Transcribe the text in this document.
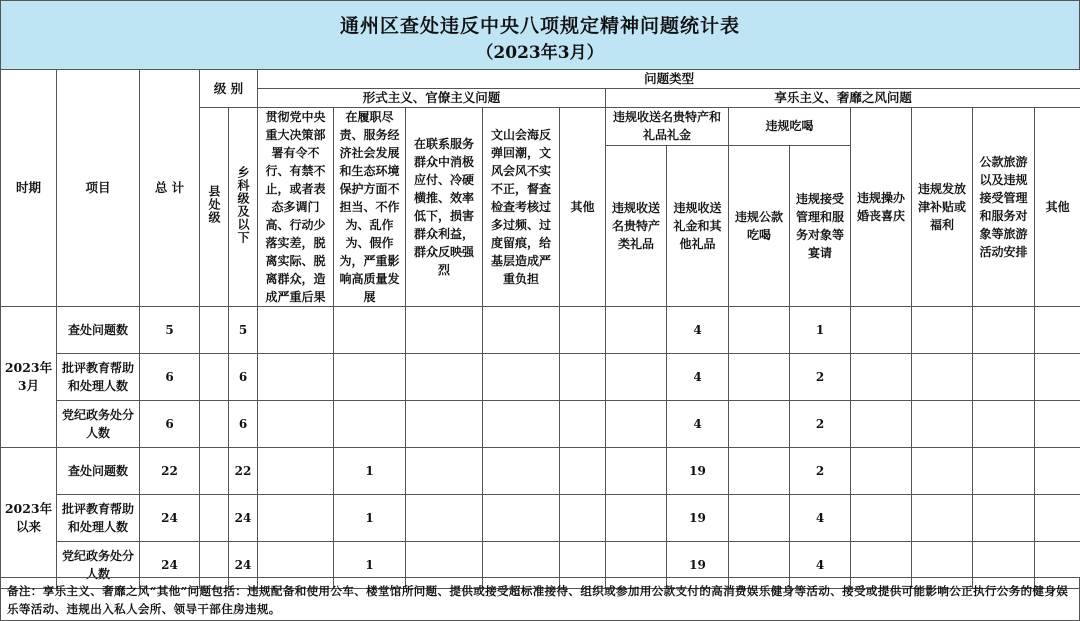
通州区查处违反中央八项规定精神问题统计表
（2023年3月）
时期	项目	总 计	级 别		问题类型												
					形式主义、官僚主义问题					享乐主义、奢靡之风问题							
			县处级	乡科级及以下	贯彻党中央重大决策部署有令不行、有禁不止，或者表态多调门高、行动少落实差，脱离实际、脱离群众，造成严重后果	在履职尽责、服务经济社会发展和生态环境保护方面不担当、不作为、乱作为、假作为，严重影响高质量发展	在联系服务群众中消极应付、冷硬横推、效率低下，损害群众利益，群众反映强烈	文山会海反弹回潮，文风会风不实不正，督查检查考核过多过频、过度留痕，给基层造成严重负担	其他	违规收送名贵特产和礼品礼金		违规吃喝		违规操办婚丧喜庆	违规发放津补贴或福利	公款旅游以及违规接受管理和服务对象等旅游活动安排	其他
										违规收送名贵特产类礼品	违规收送礼金和其他礼品	违规公款吃喝	违规接受管理和服务对象等宴请				
2023年3月	查处问题数	5		5							4		1				
	批评教育帮助和处理人数	6		6							4		2				
	党纪政务处分人数	6		6							4		2				
2023年以来	查处问题数	22		22		1					19		2				
	批评教育帮助和处理人数	24		24		1					19		4				
	党纪政务处分人数	24		24		1					19		4				
备注：享乐主义、奢靡之风“其他”问题包括：违规配备和使用公车、楼堂馆所问题、提供或接受超标准接待、组织或参加用公款支付的高消费娱乐健身等活动、接受或提供可能影响公正执行公务的健身娱乐等活动、违规出入私人会所、领导干部住房违规。
